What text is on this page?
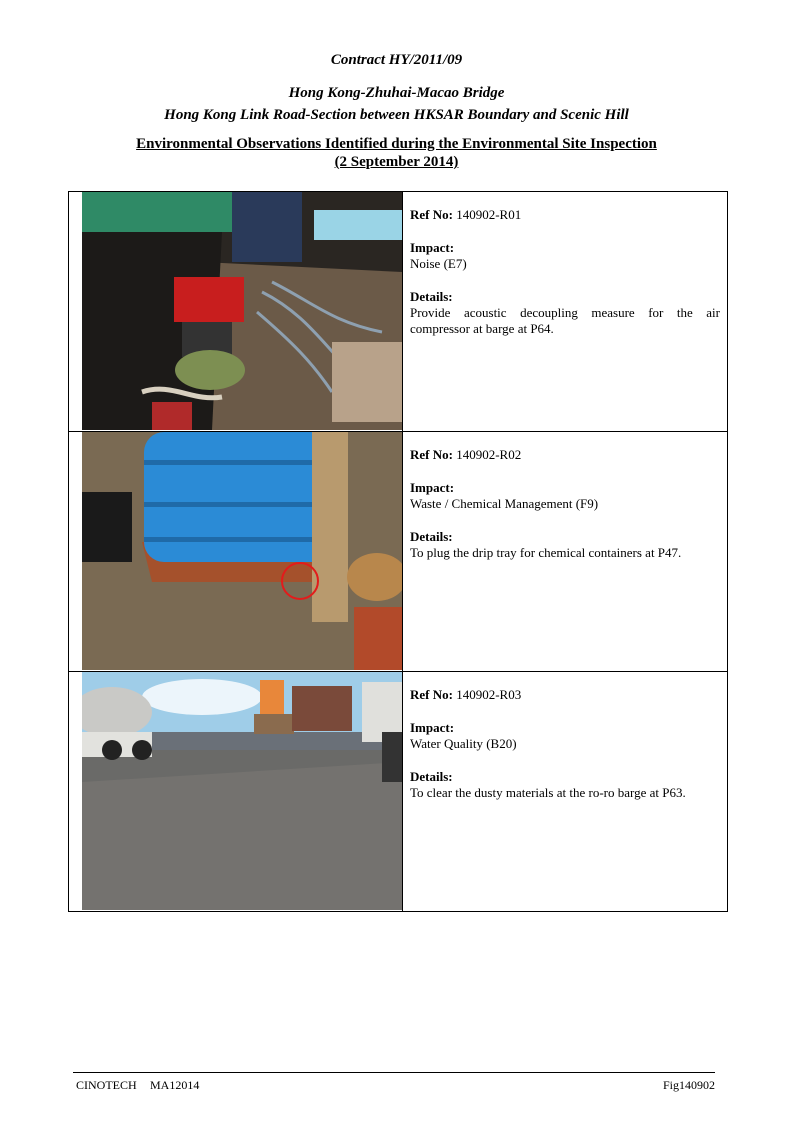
Contract HY/2011/09
Hong Kong-Zhuhai-Macao Bridge
Hong Kong Link Road-Section between HKSAR Boundary and Scenic Hill
Environmental Observations Identified during the Environmental Site Inspection
(2 September 2014)

Ref No: 140902-R01

Impact:
Noise (E7)

Details:
Provide acoustic decoupling measure for the air compressor at barge at P64.

Ref No: 140902-R02

Impact:
Waste / Chemical Management (F9)

Details:
To plug the drip tray for chemical containers at P47.

Ref No: 140902-R03

Impact:
Water Quality (B20)

Details:
To clear the dusty materials at the ro-ro barge at P63.

CINOTECH MA12014	Fig140902
